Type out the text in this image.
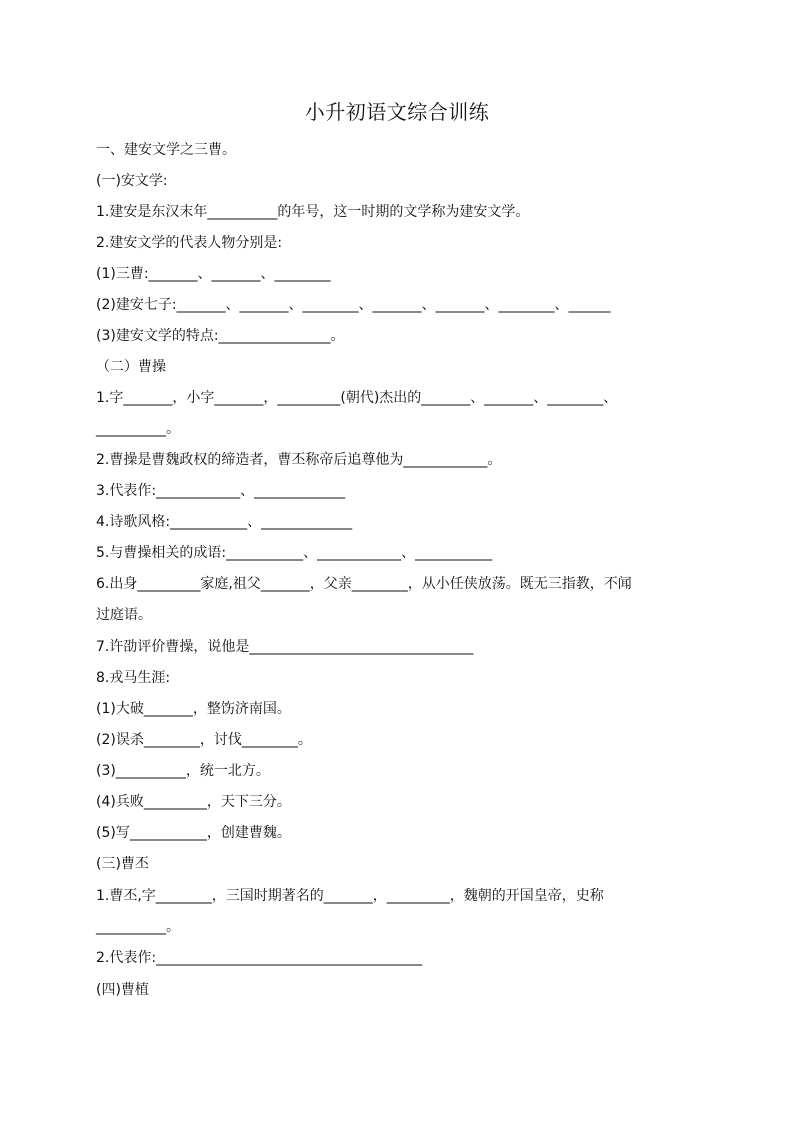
小升初语文综合训练
一、建安文学之三曹。
(一)安文学:
1.建安是东汉末年__________的年号，这一时期的文学称为建安文学。
2.建安文学的代表人物分别是:
(1)三曹:_______、_______、________
(2)建安七子:_______、_______、________、_______、_______、________、______
(3)建安文学的特点:________________。
（二）曹操
1.字_______，小字_______，_________(朝代)杰出的_______、_______、________、
__________。
2.曹操是曹魏政权的缔造者，曹丕称帝后追尊他为____________。
3.代表作:____________、_____________
4.诗歌风格:___________、_____________
5.与曹操相关的成语:___________、____________、___________
6.出身_________家庭,祖父_______，父亲________，从小任侠放荡。既无三指教，不闻
过庭语。
7.许劭评价曹操，说他是________________________________
8.戎马生涯:
(1)大破_______，整饬济南国。
(2)误杀________，讨伐________。
(3)__________，统一北方。
(4)兵败_________，天下三分。
(5)写___________，创建曹魏。
(三)曹丕
1.曹丕,字________，三国时期著名的_______，_________，魏朝的开国皇帝，史称
__________。
2.代表作:______________________________________
(四)曹植
